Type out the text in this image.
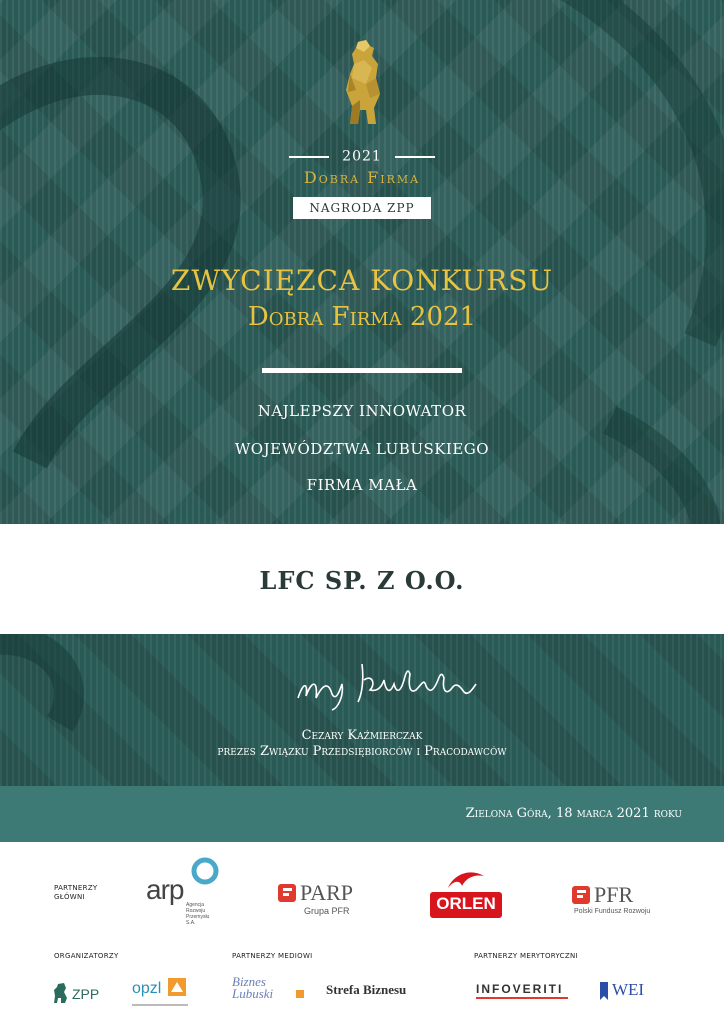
2021
Dobra Firma
NAGRODA ZPP
ZWYCIĘZCA KONKURSU
Dobra Firma 2021
NAJLEPSZY INNOWATOR
WOJEWÓDZTWA LUBUSKIEGO
FIRMA MAŁA
LFC SP. Z O.O.
Cezary Kaźmierczak
prezes Związku Przedsiębiorców i Pracodawców
Zielona Góra, 18 marca 2021 roku
PARTNERZY
GŁÓWNI	arp Agencja Rozwoju Przemysłu S.A.
PARP
Grupa PFR	ORLEN	PFR
Polski Fundusz Rozwoju
ORGANIZATORZY	PARTNERZY MEDIOWI	PARTNERZY MERYTORYCZNI
ZPP opzl	Biznes Lubuski	Strefa Biznesu	INFOVERITI	WEI
